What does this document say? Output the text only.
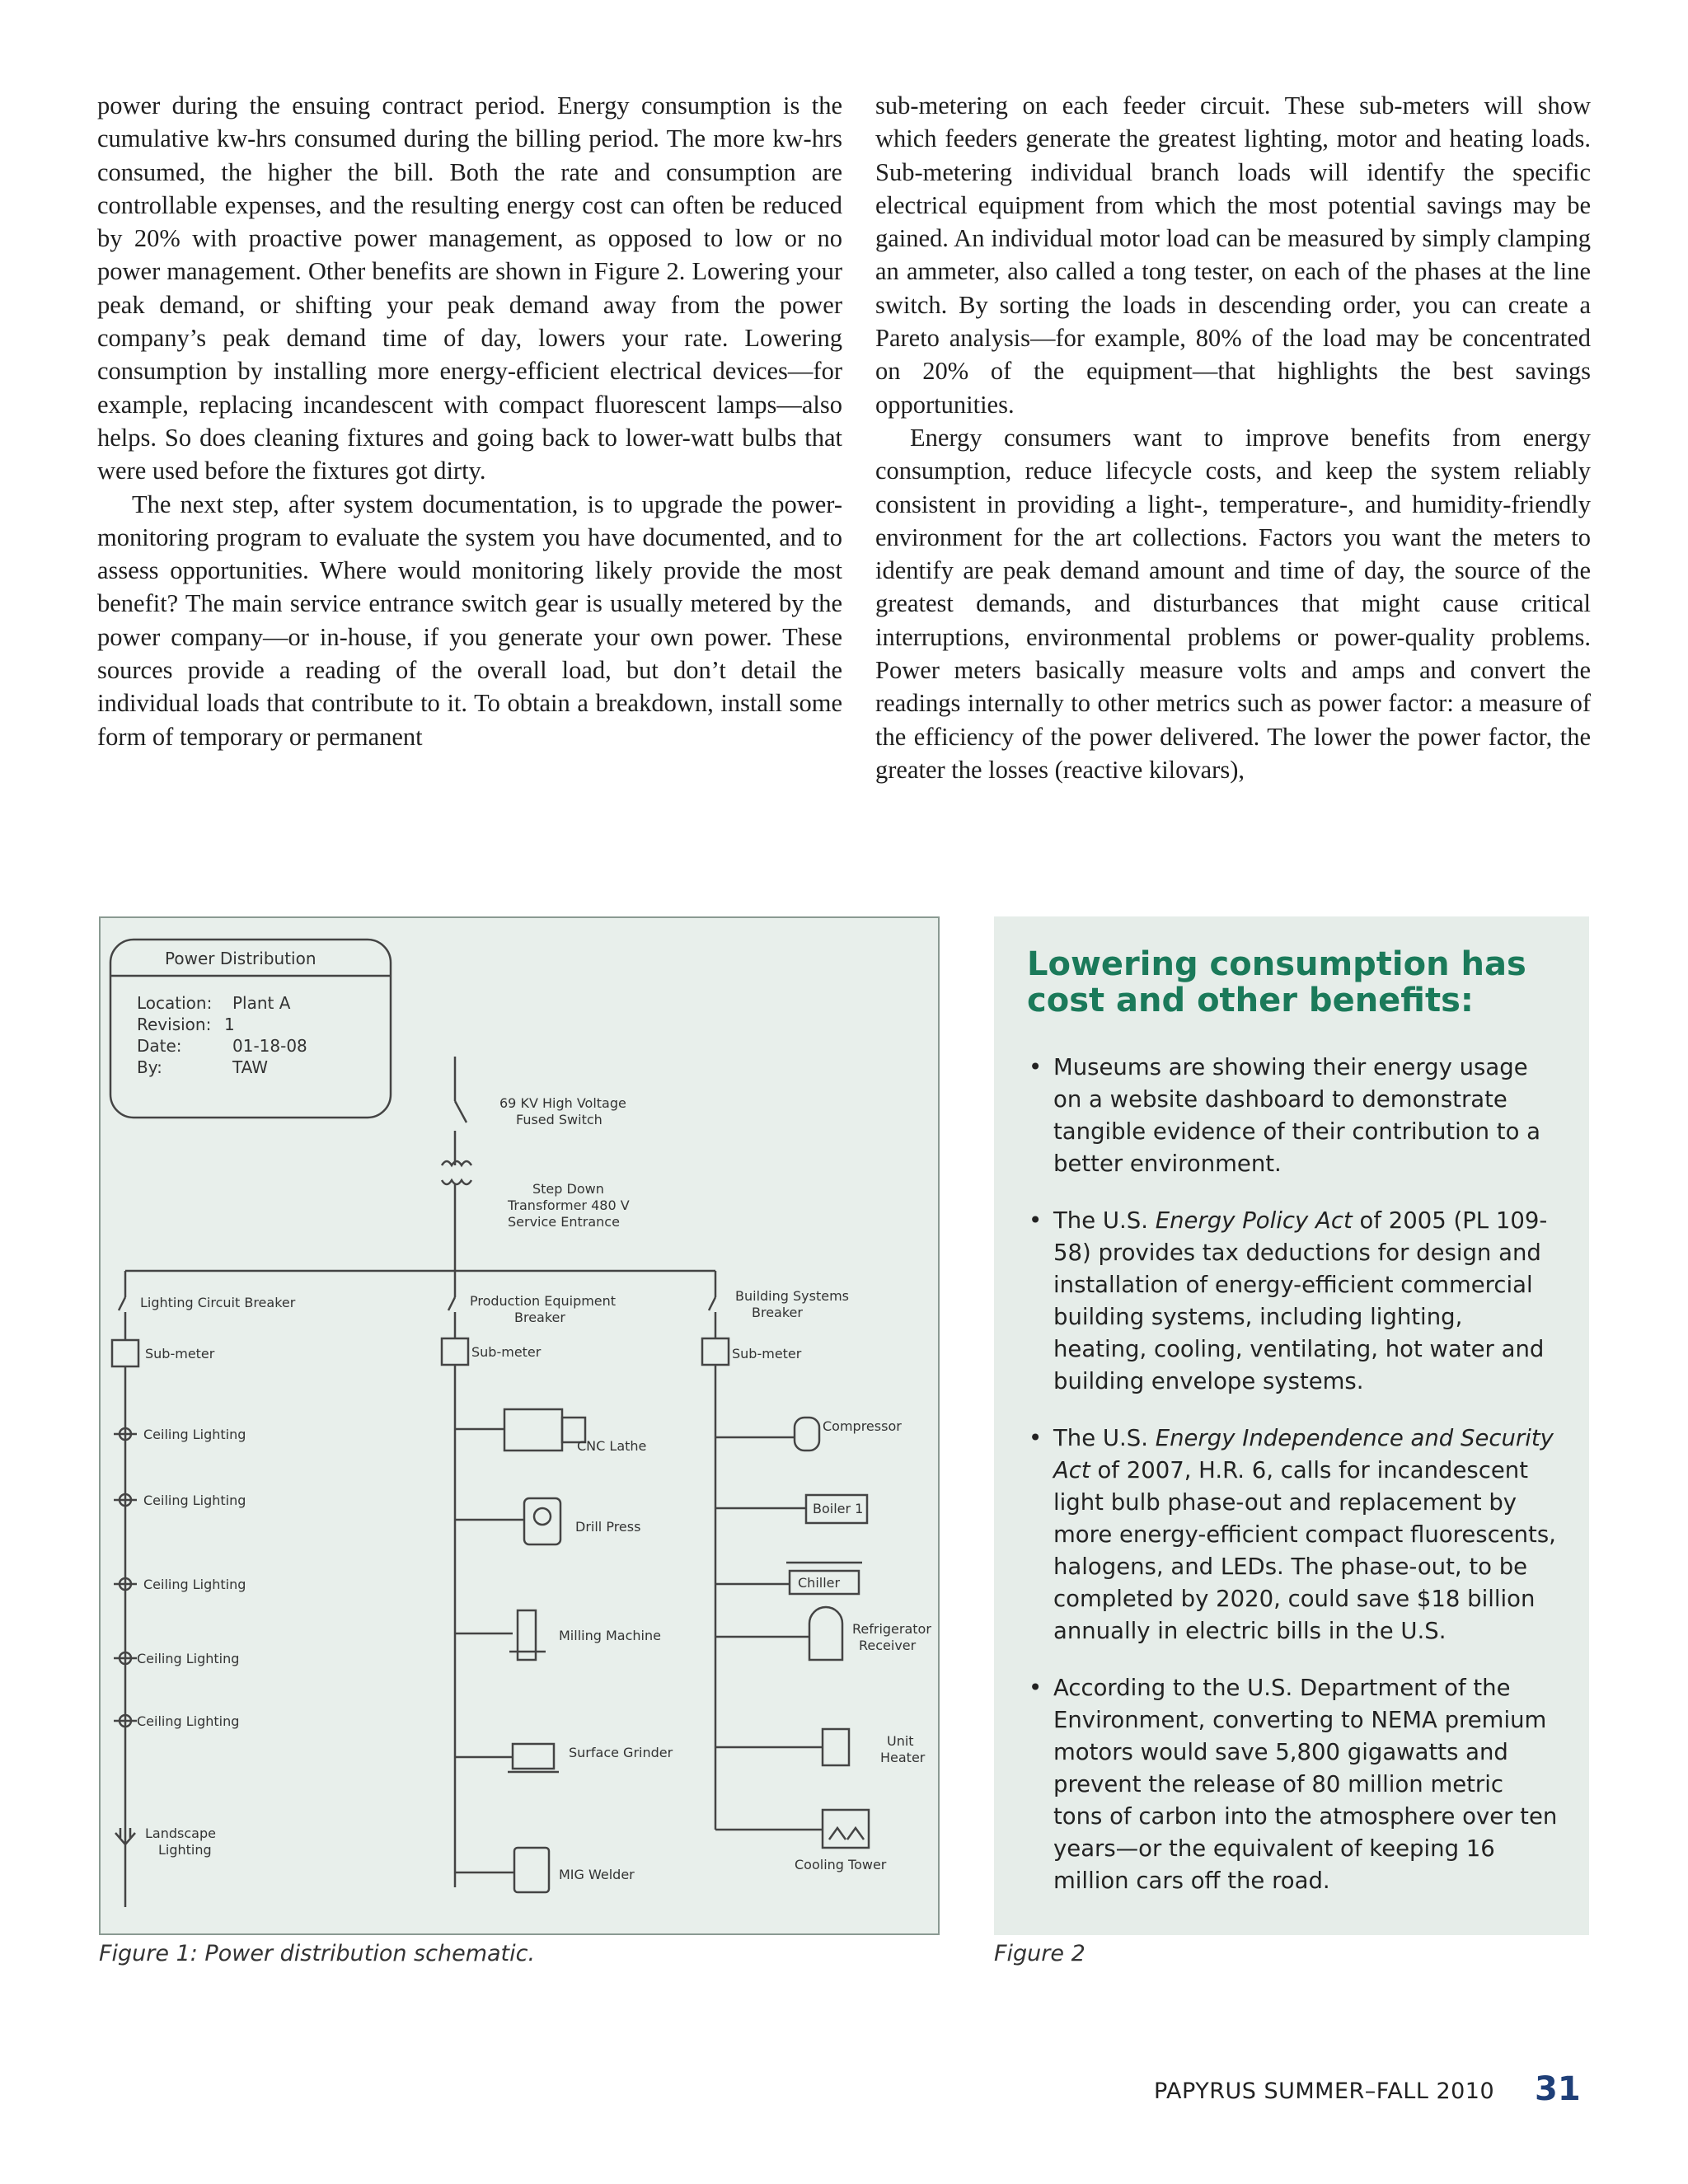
power during the ensuing contract period. Energy consumption is the cumulative kw-hrs consumed during the billing period. The more kw-hrs consumed, the higher the bill. Both the rate and consumption are controllable expenses, and the resulting energy cost can often be reduced by 20% with proactive power management, as opposed to low or no power management. Other benefits are shown in Figure 2. Lowering your peak demand, or shifting your peak demand away from the power company’s peak demand time of day, lowers your rate. Lowering consumption by installing more energy-efficient electrical devices—for example, replacing incandescent with compact fluorescent lamps—also helps. So does cleaning fixtures and going back to lower-watt bulbs that were used before the fixtures got dirty.

The next step, after system documentation, is to upgrade the power-monitoring program to evaluate the system you have documented, and to assess opportunities. Where would monitoring likely provide the most benefit? The main service entrance switch gear is usually metered by the power company—or in-house, if you generate your own power. These sources provide a reading of the overall load, but don’t detail the individual loads that contribute to it. To obtain a breakdown, install some form of temporary or permanent

sub-metering on each feeder circuit. These sub-meters will show which feeders generate the greatest lighting, motor and heating loads. Sub-metering individual branch loads will identify the specific electrical equipment from which the most potential savings may be gained. An individual motor load can be measured by simply clamping an ammeter, also called a tong tester, on each of the phases at the line switch. By sorting the loads in descending order, you can create a Pareto analysis—for example, 80% of the load may be concentrated on 20% of the equipment—that highlights the best savings opportunities.

Energy consumers want to improve benefits from energy consumption, reduce lifecycle costs, and keep the system reliably consistent in providing a light-, temperature-, and humidity-friendly environment for the art collections. Factors you want the meters to identify are peak demand amount and time of day, the source of the greatest demands, and disturbances that might cause critical interruptions, environmental problems or power-quality problems. Power meters basically measure volts and amps and convert the readings internally to other metrics such as power factor: a measure of the efficiency of the power delivered. The lower the power factor, the greater the losses (reactive kilovars),

Power Distribution
Location: Plant A
Revision: 1
Date:	01-18-08
By:	TAW
69 KV High Voltage
Fused Switch
Step Down
Transformer 480 V
Service Entrance
Lighting Circuit Breaker	Production Equipment
Breaker
Building Systems
Breaker
Sub-meter	Sub-meter	Sub-meter
Ceiling Lighting
Ceiling Lighting
Ceiling Lighting
Ceiling Lighting
Ceiling Lighting
Landscape
Lighting
CNC Lathe
Drill Press
Milling Machine
Surface Grinder
MIG Welder
Compressor
Boiler 1
Chiller
Refrigerator
Receiver
Unit
Heater
Cooling Tower
Figure 1: Power distribution schematic.
Lowering consumption has cost and other benefits:
• Museums are showing their energy usage on a website dashboard to demonstrate tangible evidence of their contribution to a better environment.
• The U.S. Energy Policy Act of 2005 (PL 109-58) provides tax deductions for design and installation of energy-efficient commercial building systems, including lighting, heating, cooling, ventilating, hot water and building envelope systems.
• The U.S. Energy Independence and Security Act of 2007, H.R. 6, calls for incandescent light bulb phase-out and replacement by more energy-efficient compact fluorescents, halogens, and LEDs. The phase-out, to be completed by 2020, could save $18 billion annually in electric bills in the U.S.
• According to the U.S. Department of the Environment, converting to NEMA premium motors would save 5,800 gigawatts and prevent the release of 80 million metric tons of carbon into the atmosphere over ten years—or the equivalent of keeping 16 million cars off the road.
Figure 2
PAPYRUS SUMMER–FALL 2010 31
